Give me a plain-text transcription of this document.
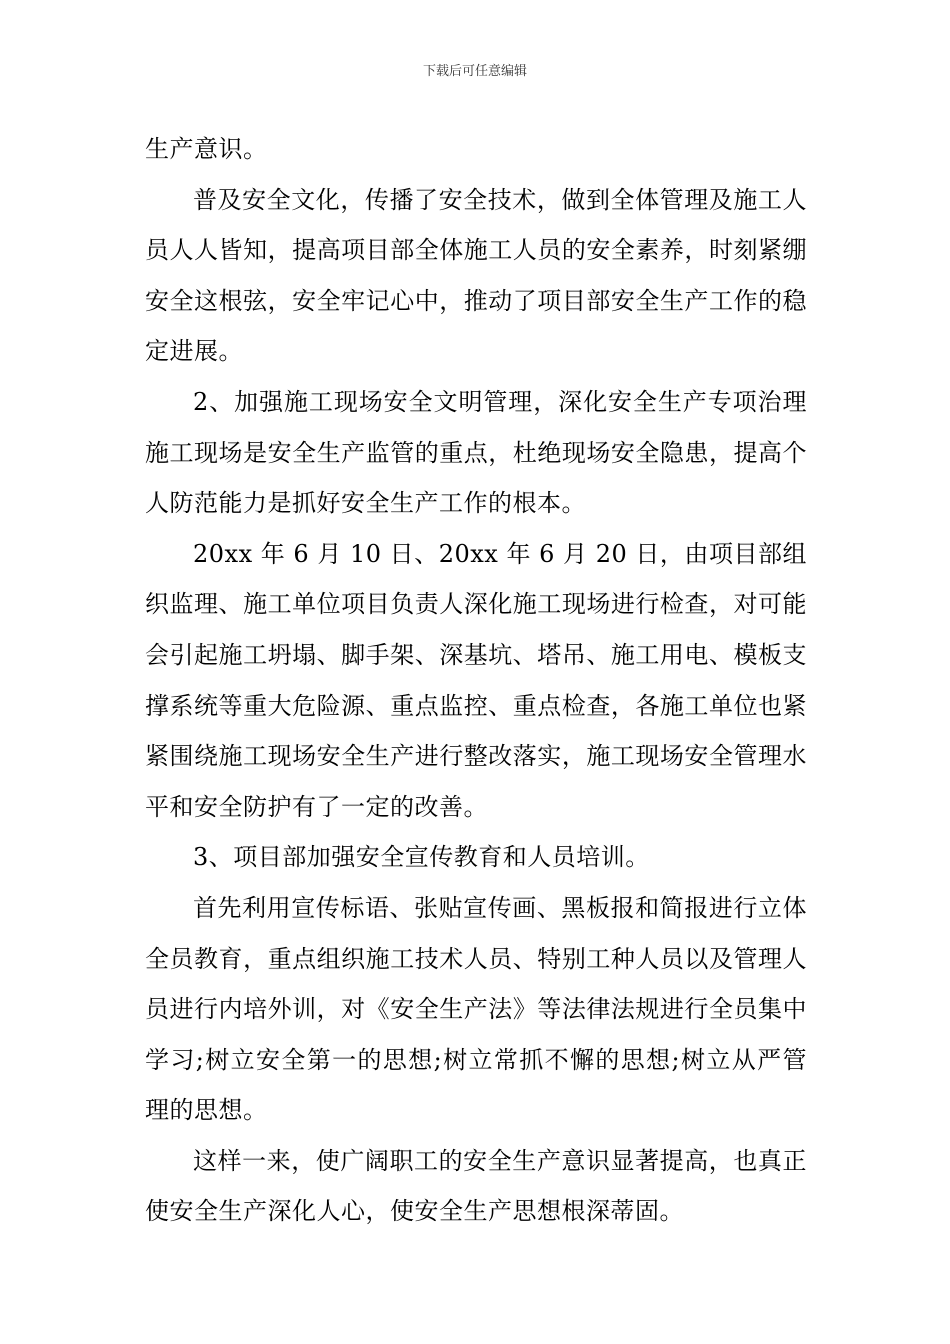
下载后可任意编辑

生产意识。

普及安全文化，传播了安全技术，做到全体管理及施工人员人人皆知，提高项目部全体施工人员的安全素养，时刻紧绷安全这根弦，安全牢记心中，推动了项目部安全生产工作的稳定进展。

2、加强施工现场安全文明管理，深化安全生产专项治理施工现场是安全生产监管的重点，杜绝现场安全隐患，提高个人防范能力是抓好安全生产工作的根本。

20xx 年 6 月 10 日、20xx 年 6 月 20 日，由项目部组织监理、施工单位项目负责人深化施工现场进行检查，对可能会引起施工坍塌、脚手架、深基坑、塔吊、施工用电、模板支撑系统等重大危险源、重点监控、重点检查，各施工单位也紧紧围绕施工现场安全生产进行整改落实，施工现场安全管理水平和安全防护有了一定的改善。

3、项目部加强安全宣传教育和人员培训。

首先利用宣传标语、张贴宣传画、黑板报和简报进行立体全员教育，重点组织施工技术人员、特别工种人员以及管理人员进行内培外训，对《安全生产法》等法律法规进行全员集中学习;树立安全第一的思想;树立常抓不懈的思想;树立从严管理的思想。

这样一来，使广阔职工的安全生产意识显著提高，也真正使安全生产深化人心，使安全生产思想根深蒂固。
